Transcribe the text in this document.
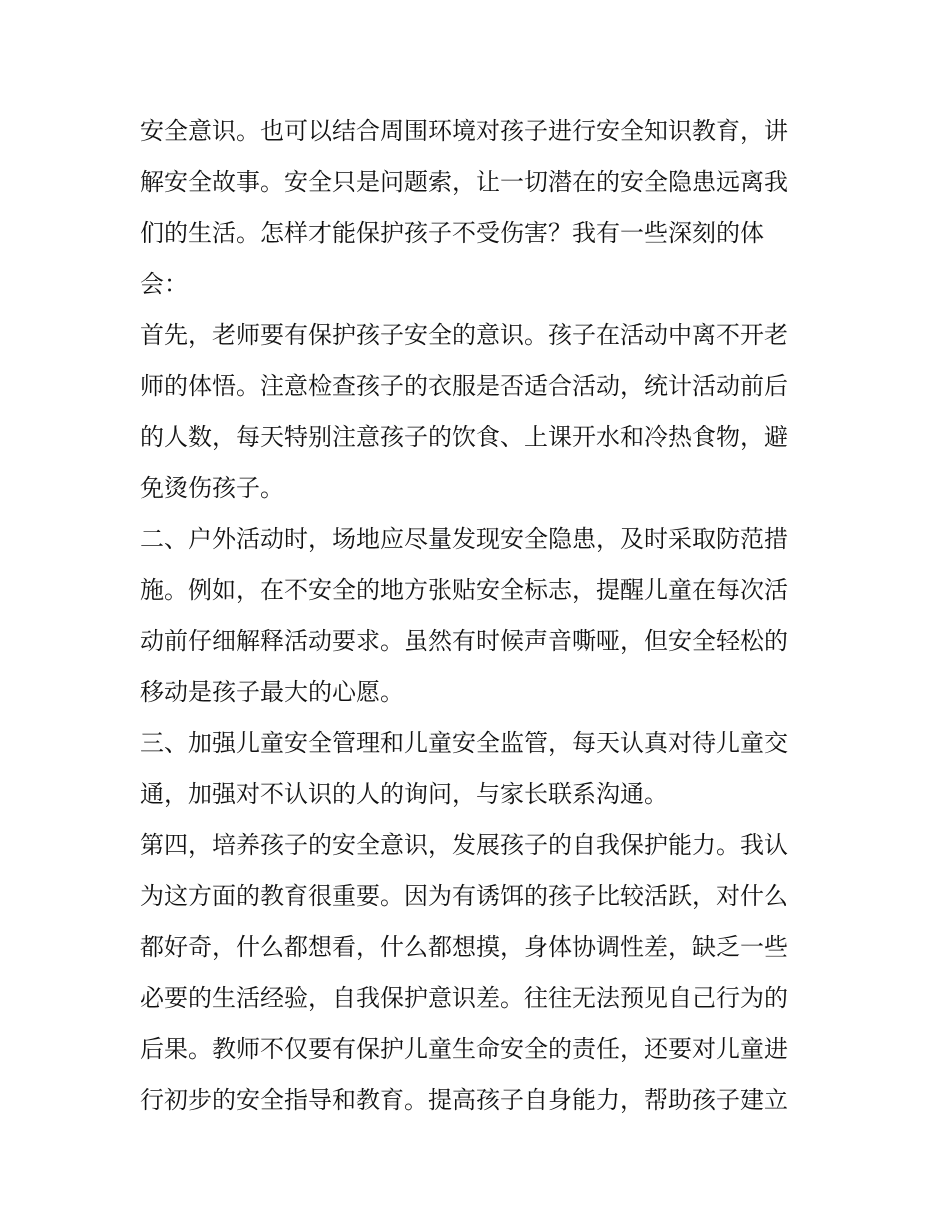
安全意识。也可以结合周围环境对孩子进行安全知识教育，讲
解安全故事。安全只是问题索，让一切潜在的安全隐患远离我
们的生活。怎样才能保护孩子不受伤害？我有一些深刻的体
会：
首先，老师要有保护孩子安全的意识。孩子在活动中离不开老
师的体悟。注意检查孩子的衣服是否适合活动，统计活动前后
的人数，每天特别注意孩子的饮食、上课开水和冷热食物，避
免烫伤孩子。
二、户外活动时，场地应尽量发现安全隐患，及时采取防范措
施。例如，在不安全的地方张贴安全标志，提醒儿童在每次活
动前仔细解释活动要求。虽然有时候声音嘶哑，但安全轻松的
移动是孩子最大的心愿。
三、加强儿童安全管理和儿童安全监管，每天认真对待儿童交
通，加强对不认识的人的询问，与家长联系沟通。
第四，培养孩子的安全意识，发展孩子的自我保护能力。我认
为这方面的教育很重要。因为有诱饵的孩子比较活跃，对什么
都好奇，什么都想看，什么都想摸，身体协调性差，缺乏一些
必要的生活经验，自我保护意识差。往往无法预见自己行为的
后果。教师不仅要有保护儿童生命安全的责任，还要对儿童进
行初步的安全指导和教育。提高孩子自身能力，帮助孩子建立
